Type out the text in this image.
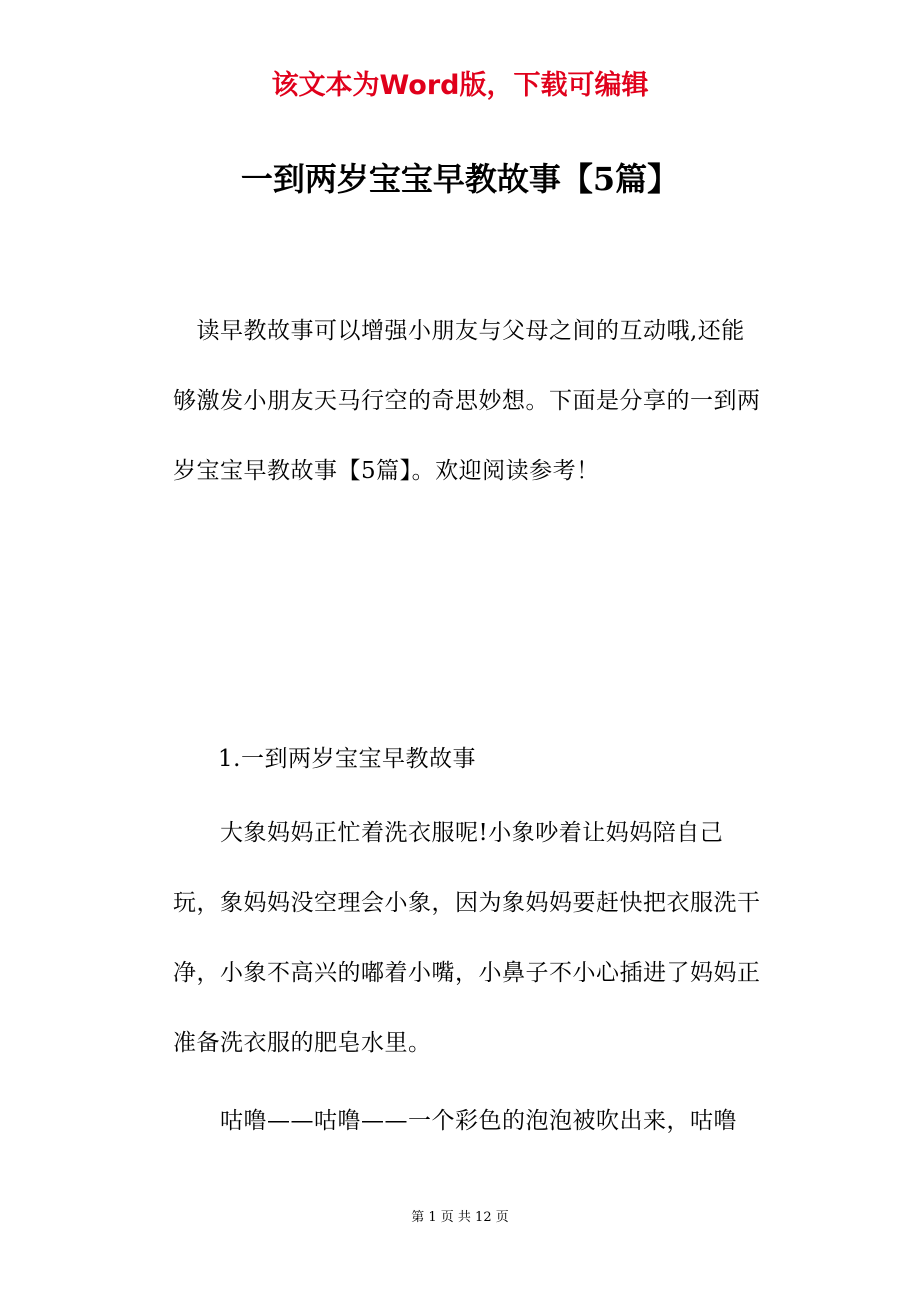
该文本为Word版，下载可编辑
一到两岁宝宝早教故事【5篇】
　读早教故事可以增强小朋友与父母之间的互动哦,还能
够激发小朋友天马行空的奇思妙想。下面是分享的一到两
岁宝宝早教故事【5篇】。欢迎阅读参考！
1.一到两岁宝宝早教故事
　　大象妈妈正忙着洗衣服呢!小象吵着让妈妈陪自己
玩，象妈妈没空理会小象，因为象妈妈要赶快把衣服洗干
净，小象不高兴的嘟着小嘴，小鼻子不小心插进了妈妈正
准备洗衣服的肥皂水里。
　　咕噜——咕噜——一个彩色的泡泡被吹出来，咕噜
第 1 页 共 12 页
